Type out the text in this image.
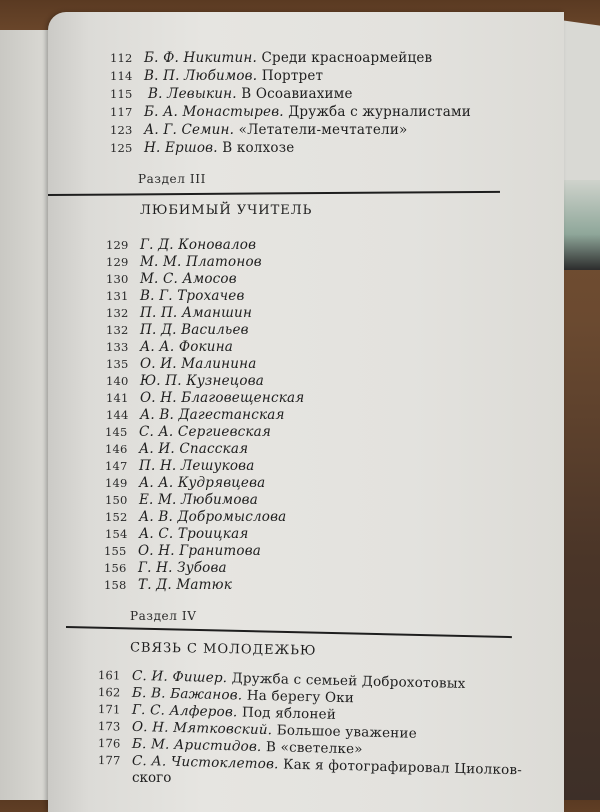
112 Б. Ф. Никитин.
Среди красноармейцев
114 В. П. Любимов.
Портрет
115	В. Левыкин.
В Осоавиахиме
117 Б. А. Монастырев.
Дружба с журналистами
123 А. Г. Семин.
«Летатели-мечтатели»
125 Н. Ершов.
В колхозе
Раздел III
ЛЮБИМЫЙ УЧИТЕЛЬ
129 Г. Д. Коновалов
129 М. М. Платонов
130 М. С. Амосов
131 В. Г. Трохачев
132 П. П. Аманшин
132 П. Д. Васильев
133 А. А. Фокина
135 О. И. Малинина
140 Ю. П. Кузнецова
141 О. Н. Благовещенская
144 А. В. Дагестанская
145 С. А. Сергиевская
146 А. И. Спасская
147 П. Н. Лешукова
149 А. А. Кудрявцева
150 Е. М. Любимова
152 А. В. Добромыслова
154 А. С. Троицкая
155 О. Н. Гранитова
156 Г. Н. Зубова
158 Т. Д. Матюк
Раздел IV
СВЯЗЬ С МОЛОДЕЖЬЮ
161 С. И. Фишер.
Дружба с семьей Доброхотовых
162 Б. В. Бажанов.
На берегу Оки
171 Г. С. Алферов.
Под яблоней
173 О. Н. Мятковский.
Большое уважение
176 Б. М. Аристидов.
В «светелке»
177 С. А. Чистоклетов.
Как я фотографировал Циолков-
ского
